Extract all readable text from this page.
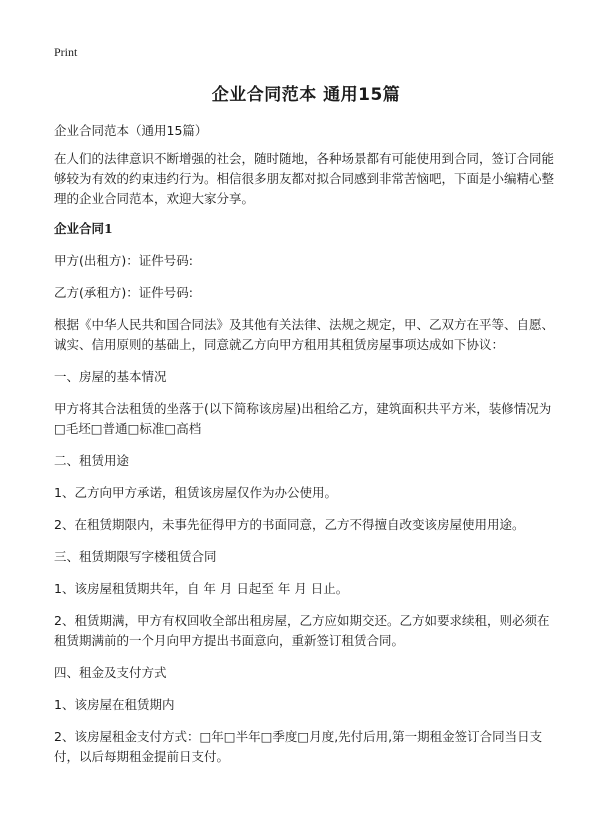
Print
企业合同范本 通用15篇

企业合同范本（通用15篇）

在人们的法律意识不断增强的社会，随时随地，各种场景都有可能使用到合同，签订合同能够较为有效的约束违约行为。相信很多朋友都对拟合同感到非常苦恼吧，下面是小编精心整理的企业合同范本，欢迎大家分享。

企业合同1

甲方(出租方)：证件号码:

乙方(承租方)：证件号码:

根据《中华人民共和国合同法》及其他有关法律、法规之规定，甲、乙双方在平等、自愿、诚实、信用原则的基础上，同意就乙方向甲方租用其租赁房屋事项达成如下协议：

一、房屋的基本情况

甲方将其合法租赁的坐落于(以下简称该房屋)出租给乙方，建筑面积共平方米，装修情况为□毛坯□普通□标准□高档

二、租赁用途

1、乙方向甲方承诺，租赁该房屋仅作为办公使用。

2、在租赁期限内，未事先征得甲方的书面同意，乙方不得擅自改变该房屋使用用途。

三、租赁期限写字楼租赁合同

1、该房屋租赁期共年，自 年 月 日起至 年 月 日止。

2、租赁期满，甲方有权回收全部出租房屋，乙方应如期交还。乙方如要求续租，则必须在租赁期满前的一个月向甲方提出书面意向，重新签订租赁合同。

四、租金及支付方式

1、该房屋在租赁期内

2、该房屋租金支付方式：□年□半年□季度□月度,先付后用,第一期租金签订合同当日支付，以后每期租金提前日支付。
